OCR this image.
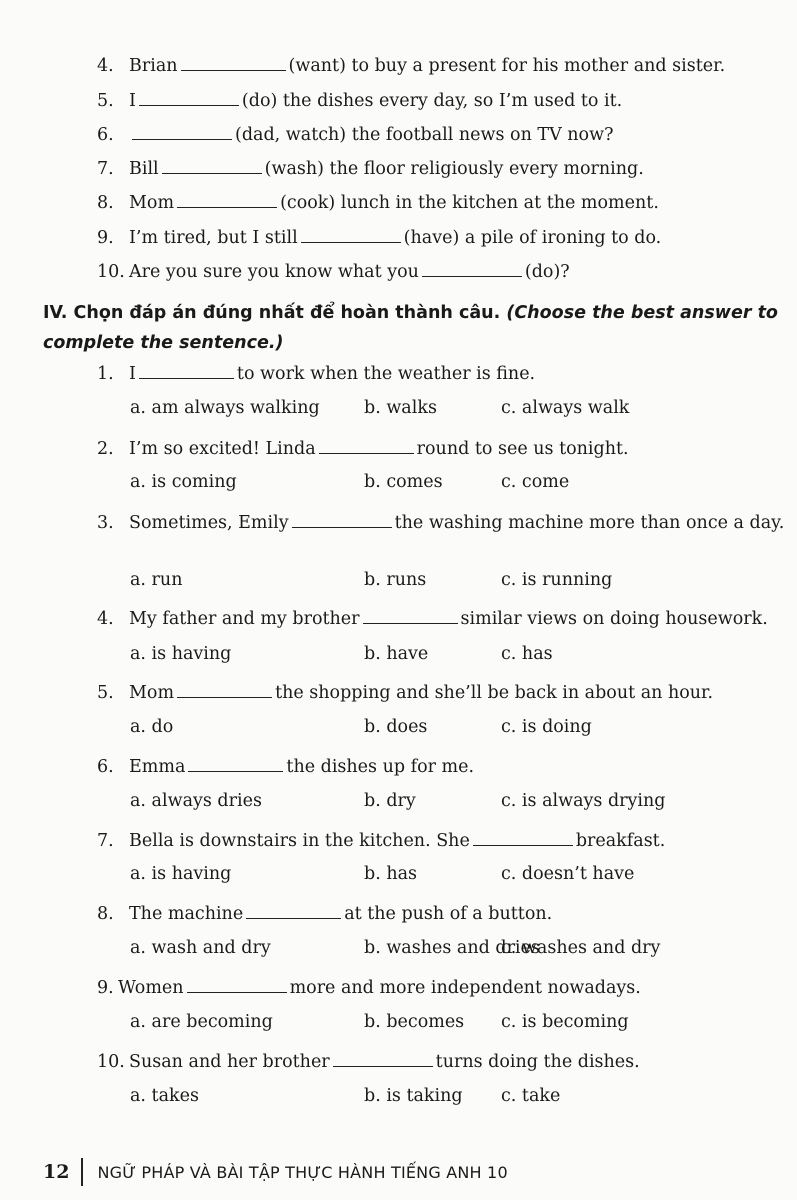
4. Brian	(want) to buy a present for his mother and sister.
5. I	(do) the dishes every day, so I’m used to it.
6.	(dad, watch) the football news on TV now?
7. Bill	(wash) the floor religiously every morning.
8. Mom	(cook) lunch in the kitchen at the moment.
9. I’m tired, but I still	(have) a pile of ironing to do.
10. Are you sure you know what you	(do)?
IV. Chọn đáp án đúng nhất để hoàn thành câu. (Choose the best answer to complete the sentence.)
1. I	to work when the weather is fine.
a. am always walking	b. walks	c. always walk
2. I’m so excited! Linda	round to see us tonight.
a. is coming	b. comes	c. come
3. Sometimes, Emily	the washing machine more than once a day.
a. run	b. runs	c. is running
4. My father and my brother	similar views on doing housework.
a. is having	b. have	c. has
5. Mom	the shopping and she’ll be back in about an hour.
a. do	b. does	c. is doing
6. Emma	the dishes up for me.
a. always dries	b. dry	c. is always drying
7. Bella is downstairs in the kitchen. She	breakfast.
a. is having	b. has	c. doesn’t have
8. The machine	at the push of a button.
a. wash and dry	b. washes and dries
c. washes and dry
9. Women	more and more independent nowadays.
a. are becoming	b. becomes c. is becoming
10. Susan and her brother	turns doing the dishes.
a. takes	b. is taking c. take
12 NGỮ PHÁP VÀ BÀI TẬP THỰC HÀNH TIẾNG ANH 10
